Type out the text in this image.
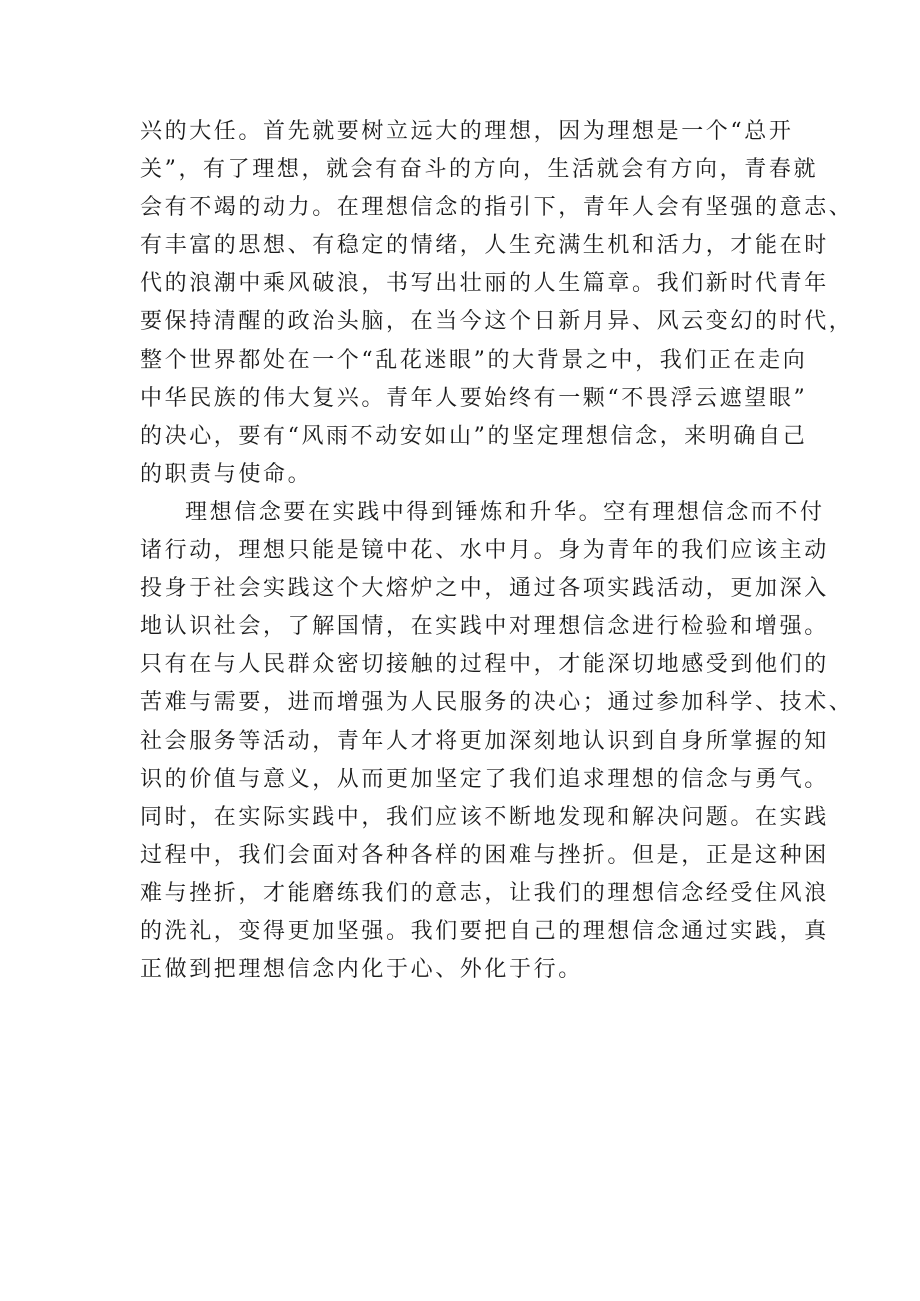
兴的大任。首先就要树立远大的理想，因为理想是一个“总开
关”，有了理想，就会有奋斗的方向，生活就会有方向，青春就
会有不竭的动力。在理想信念的指引下，青年人会有坚强的意志、
有丰富的思想、有稳定的情绪，人生充满生机和活力，才能在时
代的浪潮中乘风破浪，书写出壮丽的人生篇章。我们新时代青年
要保持清醒的政治头脑，在当今这个日新月异、风云变幻的时代，
整个世界都处在一个“乱花迷眼”的大背景之中，我们正在走向
中华民族的伟大复兴。青年人要始终有一颗“不畏浮云遮望眼”
的决心，要有“风雨不动安如山”的坚定理想信念，来明确自己
的职责与使命。
理想信念要在实践中得到锤炼和升华。空有理想信念而不付
诸行动，理想只能是镜中花、水中月。身为青年的我们应该主动
投身于社会实践这个大熔炉之中，通过各项实践活动，更加深入
地认识社会，了解国情，在实践中对理想信念进行检验和增强。
只有在与人民群众密切接触的过程中，才能深切地感受到他们的
苦难与需要，进而增强为人民服务的决心；通过参加科学、技术、
社会服务等活动，青年人才将更加深刻地认识到自身所掌握的知
识的价值与意义，从而更加坚定了我们追求理想的信念与勇气。
同时，在实际实践中，我们应该不断地发现和解决问题。在实践
过程中，我们会面对各种各样的困难与挫折。但是，正是这种困
难与挫折，才能磨练我们的意志，让我们的理想信念经受住风浪
的洗礼，变得更加坚强。我们要把自己的理想信念通过实践，真
正做到把理想信念内化于心、外化于行。
